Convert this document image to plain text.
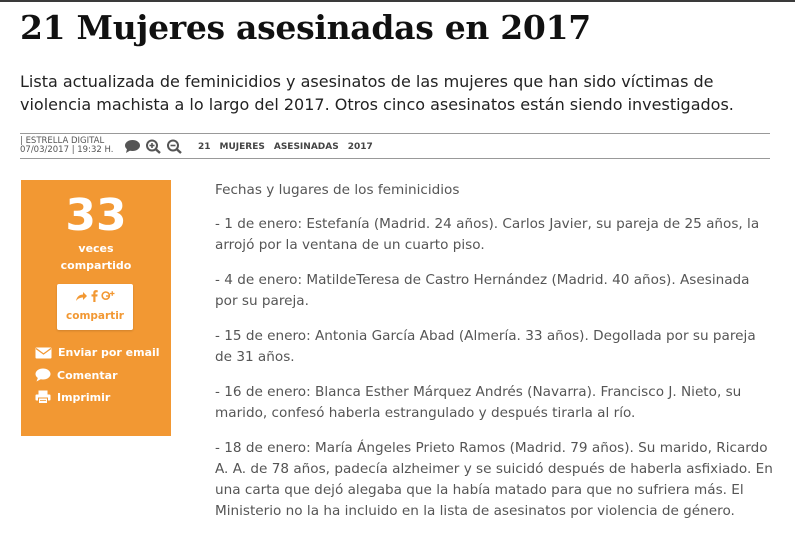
21 Mujeres asesinadas en 2017

Lista actualizada de feminicidios y asesinatos de las mujeres que han sido víctimas de violencia machista a lo largo del 2017. Otros cinco asesinatos están siendo investigados.

| ESTRELLA DIGITAL
07/03/2017 | 19:32 H.	21 MUJERES ASESINADAS 2017
33
veces
compartido
compartir
Enviar por email
Comentar
Imprimir

Fechas y lugares de los feminicidios

- 1 de enero: Estefanía (Madrid. 24 años). Carlos Javier, su pareja de 25 años, la arrojó por la ventana de un cuarto piso.

- 4 de enero: MatildeTeresa de Castro Hernández (Madrid. 40 años). Asesinada por su pareja.

- 15 de enero: Antonia García Abad (Almería. 33 años). Degollada por su pareja de 31 años.

- 16 de enero: Blanca Esther Márquez Andrés (Navarra). Francisco J. Nieto, su marido, confesó haberla estrangulado y después tirarla al río.

- 18 de enero: María Ángeles Prieto Ramos (Madrid. 79 años). Su marido, Ricardo A. A. de 78 años, padecía alzheimer y se suicidó después de haberla asfixiado. En una carta que dejó alegaba que la había matado para que no sufriera más. El Ministerio no la ha incluido en la lista de asesinatos por violencia de género.
